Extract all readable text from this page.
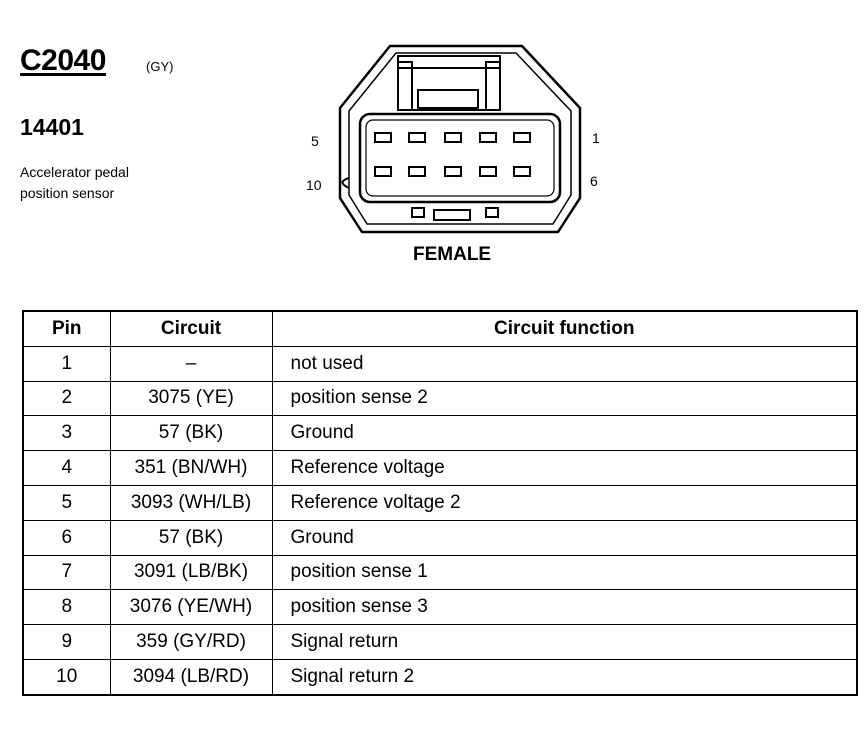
C2040	(GY)
14401
Accelerator pedal position sensor
5	1
10	6
FEMALE
Pin	Circuit	Circuit function
1	–	not used
2	3075 (YE)	position sense 2
3	57 (BK)	Ground
4	351 (BN/WH)	Reference voltage
5	3093 (WH/LB)	Reference voltage 2
6	57 (BK)	Ground
7	3091 (LB/BK)	position sense 1
8	3076 (YE/WH)	position sense 3
9	359 (GY/RD)	Signal return
10	3094 (LB/RD)	Signal return 2
